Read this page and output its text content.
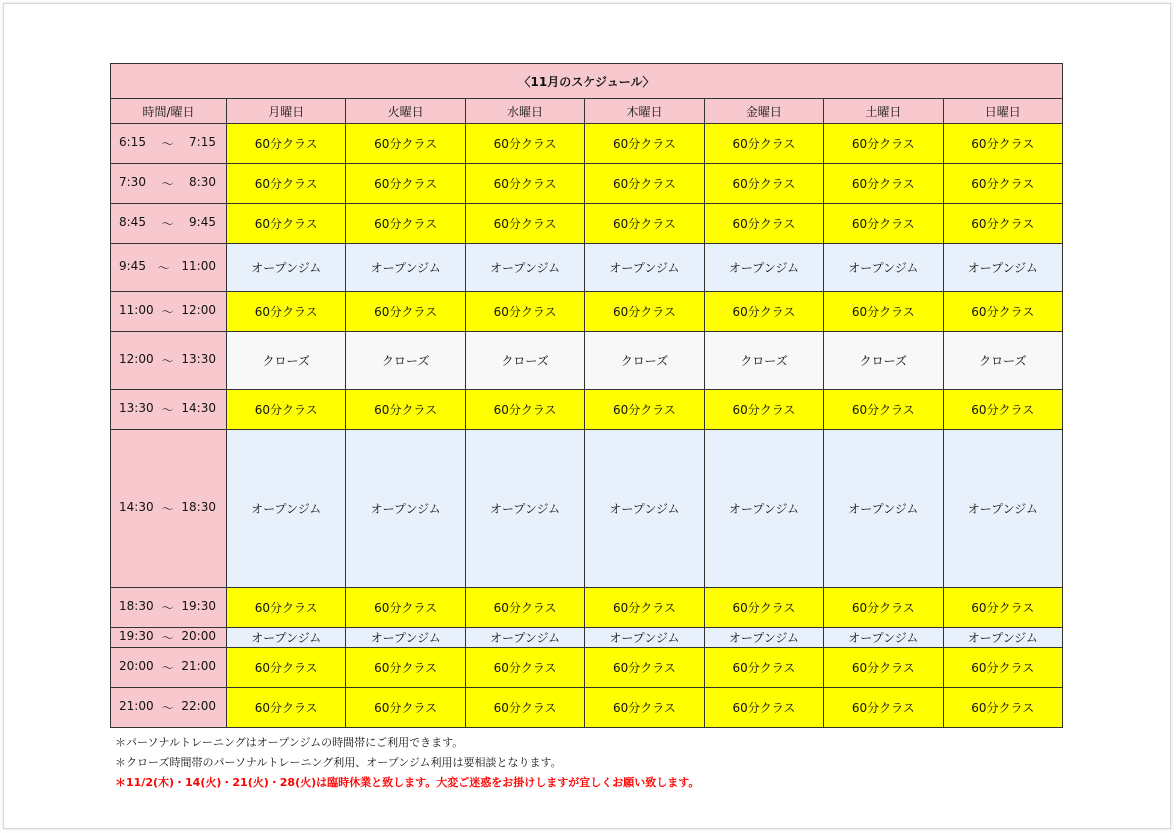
〈11月のスケジュール〉							
時間/曜日	月曜日	火曜日	水曜日	木曜日	金曜日	土曜日	日曜日

6:15 〜 7:15	60分クラス	60分クラス	60分クラス	60分クラス	60分クラス	60分クラス	60分クラス

7:30 〜 8:30	60分クラス	60分クラス	60分クラス	60分クラス	60分クラス	60分クラス	60分クラス

8:45 〜 9:45	60分クラス	60分クラス	60分クラス	60分クラス	60分クラス	60分クラス	60分クラス

9:45 〜 11:00	オープンジム	オープンジム	オープンジム	オープンジム	オープンジム	オープンジム	オープンジム

11:00 〜 12:00	60分クラス	60分クラス	60分クラス	60分クラス	60分クラス	60分クラス	60分クラス

12:00 〜 13:30	クローズ	クローズ	クローズ	クローズ	クローズ	クローズ	クローズ

13:30 〜 14:30	60分クラス	60分クラス	60分クラス	60分クラス	60分クラス	60分クラス	60分クラス

14:30 〜 18:30	オープンジム	オープンジム	オープンジム	オープンジム	オープンジム	オープンジム	オープンジム

18:30 〜 19:30	60分クラス	60分クラス	60分クラス	60分クラス	60分クラス	60分クラス	60分クラス

19:30 〜 20:00	オープンジム	オープンジム	オープンジム	オープンジム	オープンジム	オープンジム	オープンジム

20:00 〜 21:00	60分クラス	60分クラス	60分クラス	60分クラス	60分クラス	60分クラス	60分クラス

21:00 〜 22:00	60分クラス	60分クラス	60分クラス	60分クラス	60分クラス	60分クラス	60分クラス
＊パーソナルトレーニングはオープンジムの時間帯にご利用できます。
＊クローズ時間帯のパーソナルトレーニング利用、オープンジム利用は要相談となります。
＊11/2(木)・14(火)・21(火)・28(火)は臨時休業と致します。大変ご迷惑をお掛けしますが宜しくお願い致します。
